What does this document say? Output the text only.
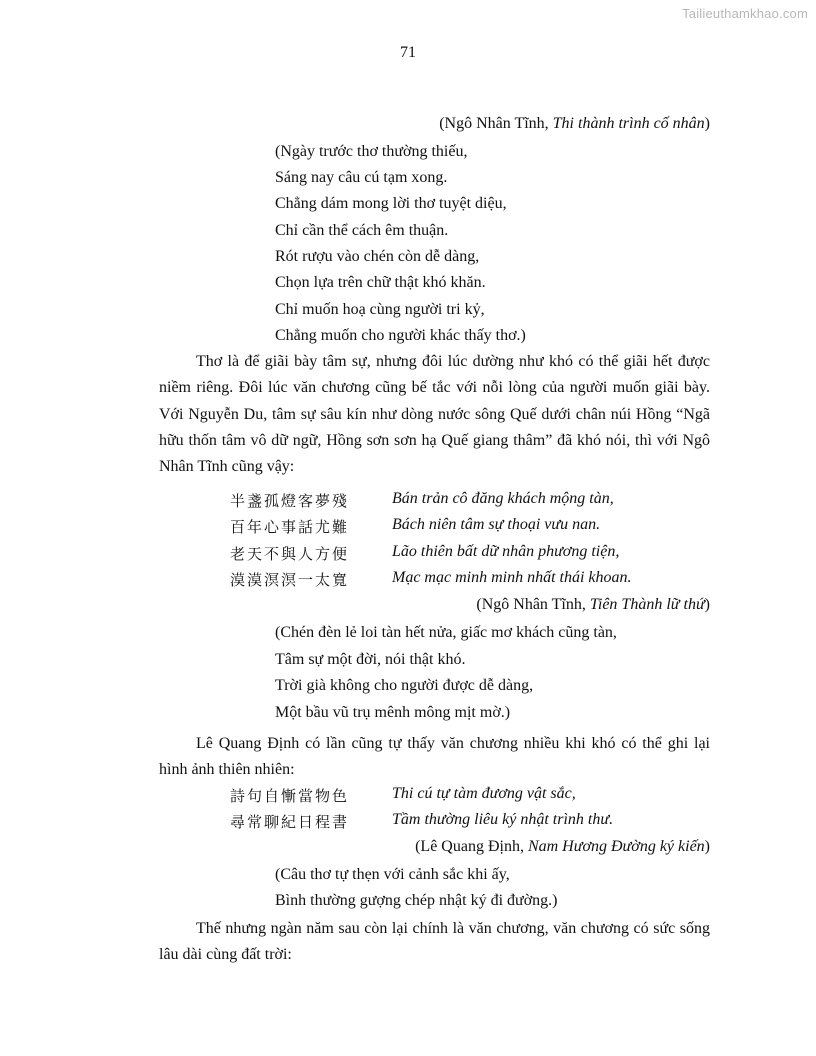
Tailieuthamkhao.com
71
(Ngô Nhân Tĩnh, Thi thành trình cố nhân)
(Ngày trước thơ thường thiếu,
Sáng nay câu cú tạm xong.
Chẳng dám mong lời thơ tuyệt diệu,
Chỉ cần thể cách êm thuận.
Rót rượu vào chén còn dễ dàng,
Chọn lựa trên chữ thật khó khăn.
Chỉ muốn hoạ cùng người tri kỷ,
Chẳng muốn cho người khác thấy thơ.)
Thơ là để giãi bày tâm sự, nhưng đôi lúc dường như khó có thể giãi hết được niềm riêng. Đôi lúc văn chương cũng bế tắc với nỗi lòng của người muốn giãi bày. Với Nguyễn Du, tâm sự sâu kín như dòng nước sông Quế dưới chân núi Hồng “Ngã hữu thốn tâm vô dữ ngữ, Hồng sơn sơn hạ Quế giang thâm” đã khó nói, thì với Ngô Nhân Tĩnh cũng vậy:
半盞孤燈客夢殘	Bán trản cô đăng khách mộng tàn,
百年心事話尤難	Bách niên tâm sự thoại vưu nan.
老天不與人方便	Lão thiên bất dữ nhân phương tiện,
漠漠溟溟一太寬	Mạc mạc minh minh nhất thái khoan.
(Ngô Nhân Tĩnh, Tiên Thành lữ thứ)
(Chén đèn lẻ loi tàn hết nửa, giấc mơ khách cũng tàn,
Tâm sự một đời, nói thật khó.
Trời già không cho người được dễ dàng,
Một bầu vũ trụ mênh mông mịt mờ.)
Lê Quang Định có lần cũng tự thấy văn chương nhiều khi khó có thể ghi lại hình ảnh thiên nhiên:
詩句自慚當物色	Thi cú tự tàm đương vật sắc,
尋常聊紀日程書	Tầm thường liêu ký nhật trình thư.
(Lê Quang Định, Nam Hương Đường ký kiến)
(Câu thơ tự thẹn với cảnh sắc khi ấy,
Bình thường gượng chép nhật ký đi đường.)
Thế nhưng ngàn năm sau còn lại chính là văn chương, văn chương có sức sống lâu dài cùng đất trời:
